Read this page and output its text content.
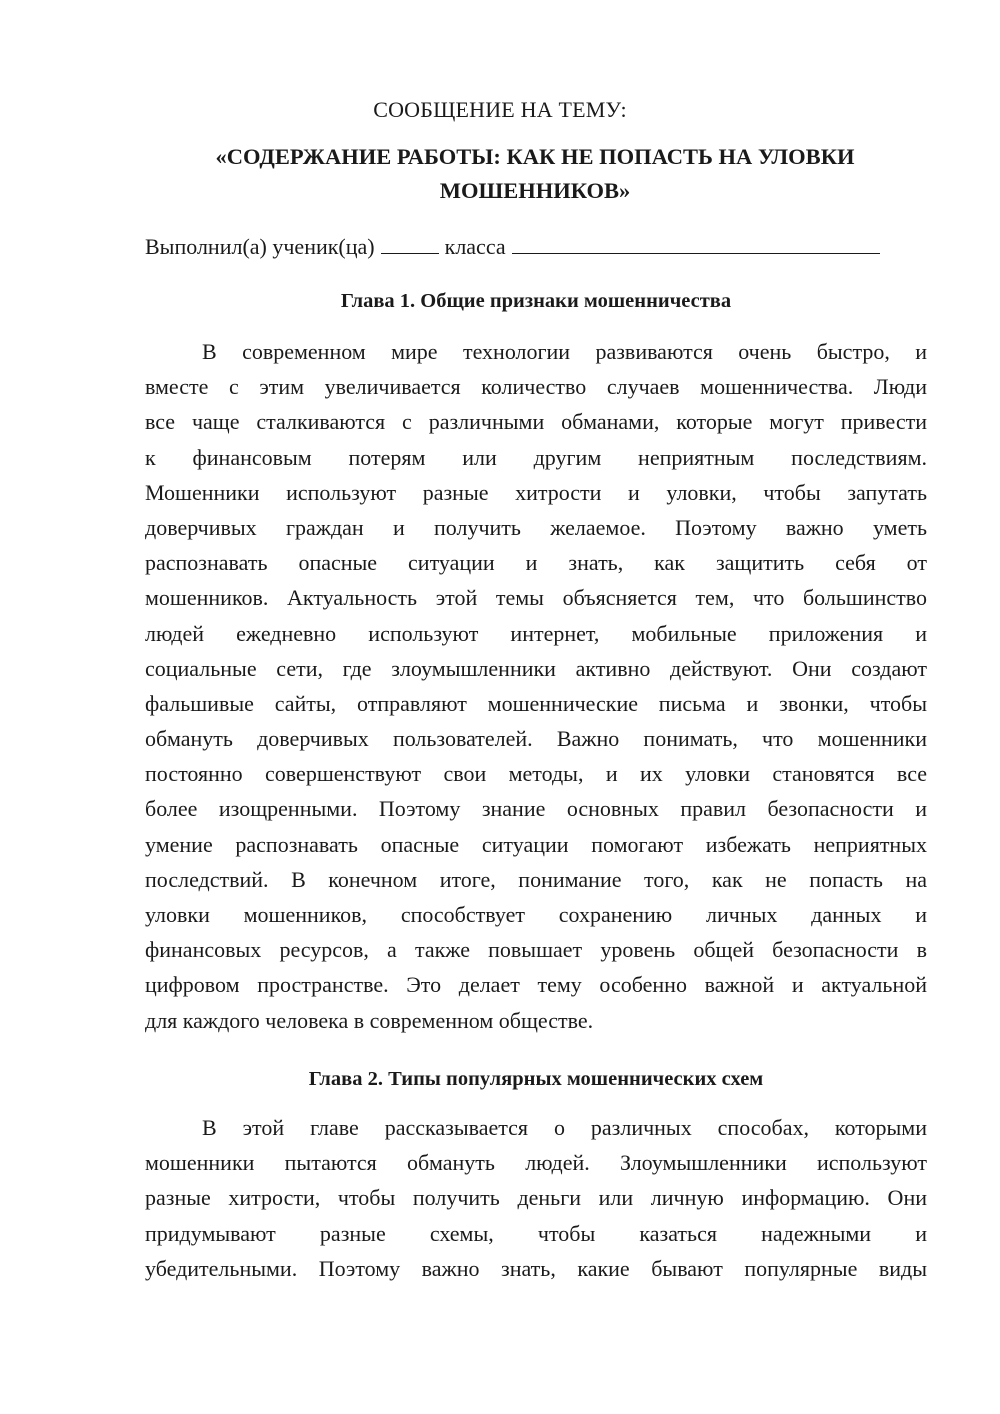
СООБЩЕНИЕ НА ТЕМУ:
«СОДЕРЖАНИЕ РАБОТЫ: КАК НЕ ПОПАСТЬ НА УЛОВКИ
МОШЕННИКОВ»
Выполнил(а) ученик(ца)	класса
Глава 1. Общие признаки мошенничества
В современном мире технологии развиваются очень быстро, и
вместе с этим увеличивается количество случаев мошенничества. Люди
все чаще сталкиваются с различными обманами, которые могут привести
к финансовым потерям или другим неприятным последствиям.
Мошенники используют разные хитрости и уловки, чтобы запутать
доверчивых граждан и получить желаемое. Поэтому важно уметь
распознавать опасные ситуации и знать, как защитить себя от
мошенников. Актуальность этой темы объясняется тем, что большинство
людей ежедневно используют интернет, мобильные приложения и
социальные сети, где злоумышленники активно действуют. Они создают
фальшивые сайты, отправляют мошеннические письма и звонки, чтобы
обмануть доверчивых пользователей. Важно понимать, что мошенники
постоянно совершенствуют свои методы, и их уловки становятся все
более изощренными. Поэтому знание основных правил безопасности и
умение распознавать опасные ситуации помогают избежать неприятных
последствий. В конечном итоге, понимание того, как не попасть на
уловки мошенников, способствует сохранению личных данных и
финансовых ресурсов, а также повышает уровень общей безопасности в
цифровом пространстве. Это делает тему особенно важной и актуальной
для каждого человека в современном обществе.
Глава 2. Типы популярных мошеннических схем
В этой главе рассказывается о различных способах, которыми
мошенники пытаются обмануть людей. Злоумышленники используют
разные хитрости, чтобы получить деньги или личную информацию. Они
придумывают разные схемы, чтобы казаться надежными и
убедительными. Поэтому важно знать, какие бывают популярные виды
